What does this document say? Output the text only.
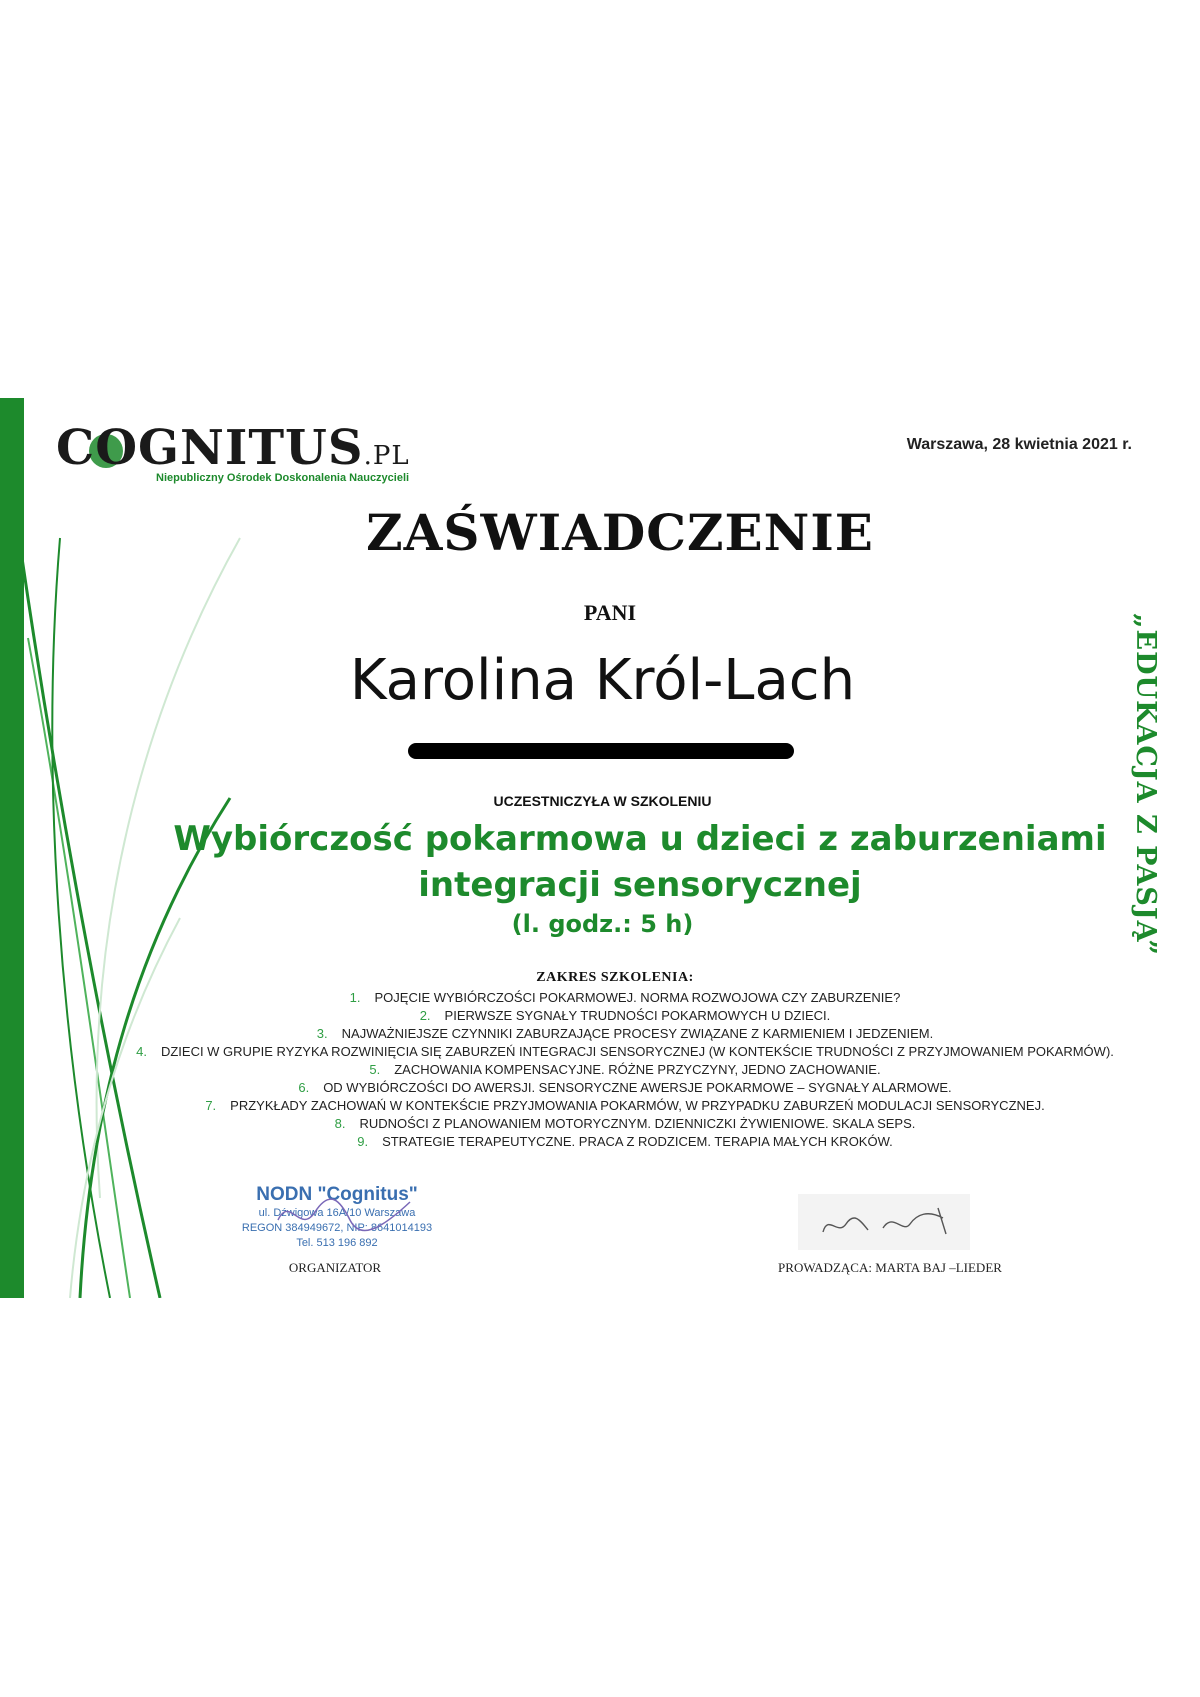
COGNITUS.PL
Niepubliczny Ośrodek Doskonalenia Nauczycieli
Warszawa, 28 kwietnia 2021 r.
ZAŚWIADCZENIE
PANI
Karolina Król-Lach
UCZESTNICZYŁA W SZKOLENIU
Wybiórczość pokarmowa u dzieci z zaburzeniami
integracji sensorycznej
(l. godz.: 5 h)
ZAKRES SZKOLENIA:
1. POJĘCIE WYBIÓRCZOŚCI POKARMOWEJ. NORMA ROZWOJOWA CZY ZABURZENIE?
2. PIERWSZE SYGNAŁY TRUDNOŚCI POKARMOWYCH U DZIECI.
3. NAJWAŻNIEJSZE CZYNNIKI ZABURZAJĄCE PROCESY ZWIĄZANE Z KARMIENIEM I JEDZENIEM.
4. DZIECI W GRUPIE RYZYKA ROZWINIĘCIA SIĘ ZABURZEŃ INTEGRACJI SENSORYCZNEJ (W KONTEKŚCIE TRUDNOŚCI Z PRZYJMOWANIEM POKARMÓW).
5. ZACHOWANIA KOMPENSACYJNE. RÓŻNE PRZYCZYNY, JEDNO ZACHOWANIE.
6. OD WYBIÓRCZOŚCI DO AWERSJI. SENSORYCZNE AWERSJE POKARMOWE – SYGNAŁY ALARMOWE.
7. PRZYKŁADY ZACHOWAŃ W KONTEKŚCIE PRZYJMOWANIA POKARMÓW, W PRZYPADKU ZABURZEŃ MODULACJI SENSORYCZNEJ.
8. RUDNOŚCI Z PLANOWANIEM MOTORYCZNYM. DZIENNICZKI ŻYWIENIOWE. SKALA SEPS.
9. STRATEGIE TERAPEUTYCZNE. PRACA Z RODZICEM. TERAPIA MAŁYCH KROKÓW.
NODN "Cognitus"
ul. Dźwigowa 16A/10 Warszawa
REGON 384949672, NIP: 8641014193
Tel. 513 196 892
ORGANIZATOR	PROWADZĄCA: MARTA BAJ –LIEDER
„EDUKACJA Z PASJĄ”
